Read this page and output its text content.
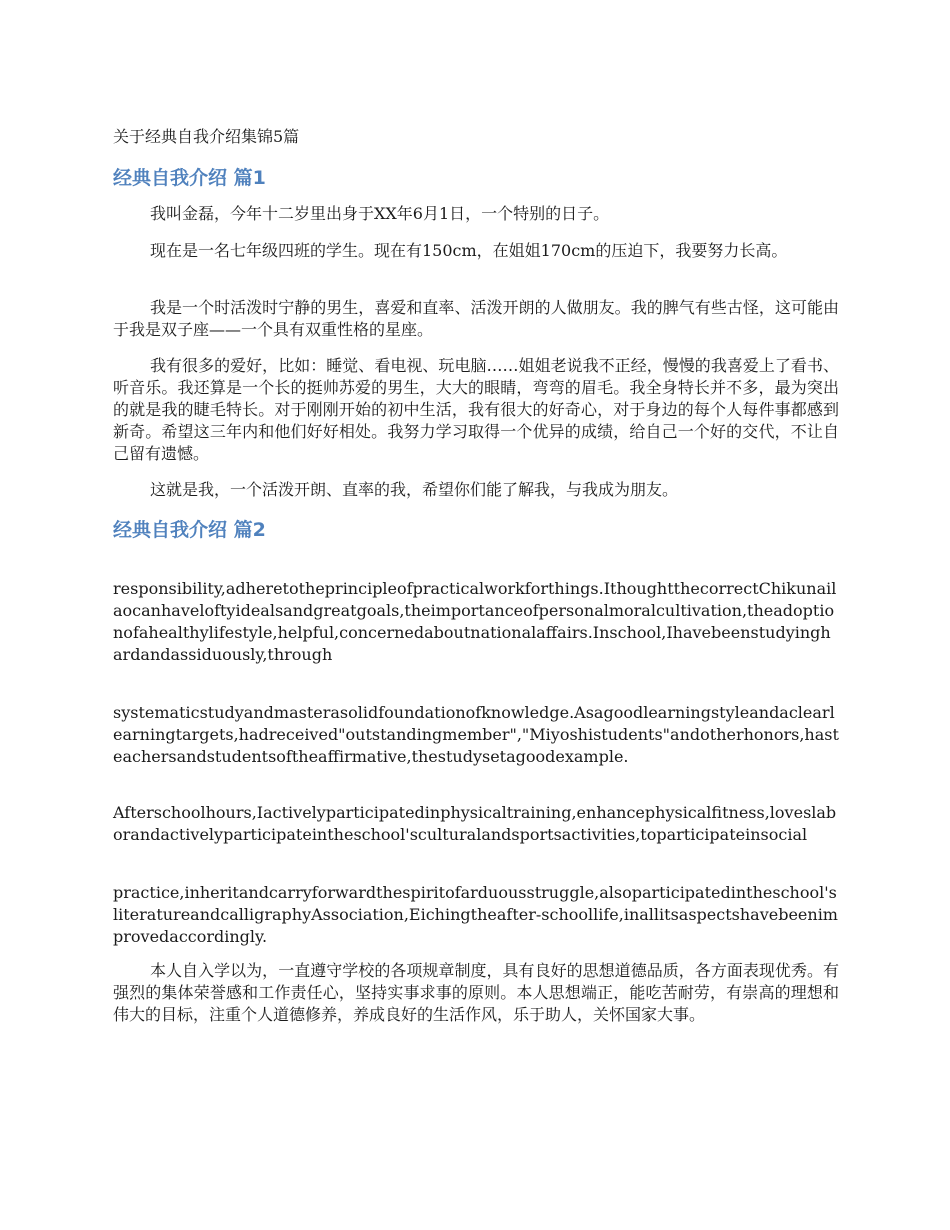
关于经典自我介绍集锦5篇
经典自我介绍 篇1
我叫金磊，今年十二岁里出身于XX年6月1日，一个特别的日子。
现在是一名七年级四班的学生。现在有150cm，在姐姐170cm的压迫下，我要努力长高。
我是一个时活泼时宁静的男生，喜爱和直率、活泼开朗的人做朋友。我的脾气有些古怪，这可能由于我是双子座——一个具有双重性格的星座。
我有很多的爱好，比如：睡觉、看电视、玩电脑……姐姐老说我不正经，慢慢的我喜爱上了看书、听音乐。我还算是一个长的挺帅苏爱的男生，大大的眼睛，弯弯的眉毛。我全身特长并不多，最为突出的就是我的睫毛特长。对于刚刚开始的初中生活，我有很大的好奇心，对于身边的每个人每件事都感到新奇。希望这三年内和他们好好相处。我努力学习取得一个优异的成绩，给自己一个好的交代，不让自己留有遗憾。
这就是我，一个活泼开朗、直率的我，希望你们能了解我，与我成为朋友。
经典自我介绍 篇2
responsibility,adheretotheprincipleofpracticalworkforthings.IthoughtthecorrectChikunailaocanhaveloftyidealsandgreatgoals,theimportanceofpersonalmoralcultivation,theadoptionofahealthylifestyle,helpful,concernedaboutnationalaffairs.Inschool,Ihavebeenstudyinghardandassiduously,through
systematicstudyandmasterasolidfoundationofknowledge.Asagoodlearningstyleandaclearlearningtargets,hadreceived"outstandingmember","Miyoshistudents"andotherhonors,hasteachersandstudentsoftheaffirmative,thestudysetagoodexample.
Afterschoolhours,Iactivelyparticipatedinphysicaltraining,enhancephysicalfitness,loveslaborandactivelyparticipateintheschool'sculturalandsportsactivities,toparticipateinsocial
practice,inheritandcarryforwardthespiritofarduousstruggle,alsoparticipatedintheschool'sliteratureandcalligraphyAssociation,Eichingtheafter-schoollife,inallitsaspectshavebeenimprovedaccordingly.
本人自入学以为，一直遵守学校的各项规章制度，具有良好的思想道德品质，各方面表现优秀。有强烈的集体荣誉感和工作责任心，坚持实事求事的原则。本人思想端正，能吃苦耐劳，有崇高的理想和伟大的目标，注重个人道德修养，养成良好的生活作风，乐于助人，关怀国家大事。
